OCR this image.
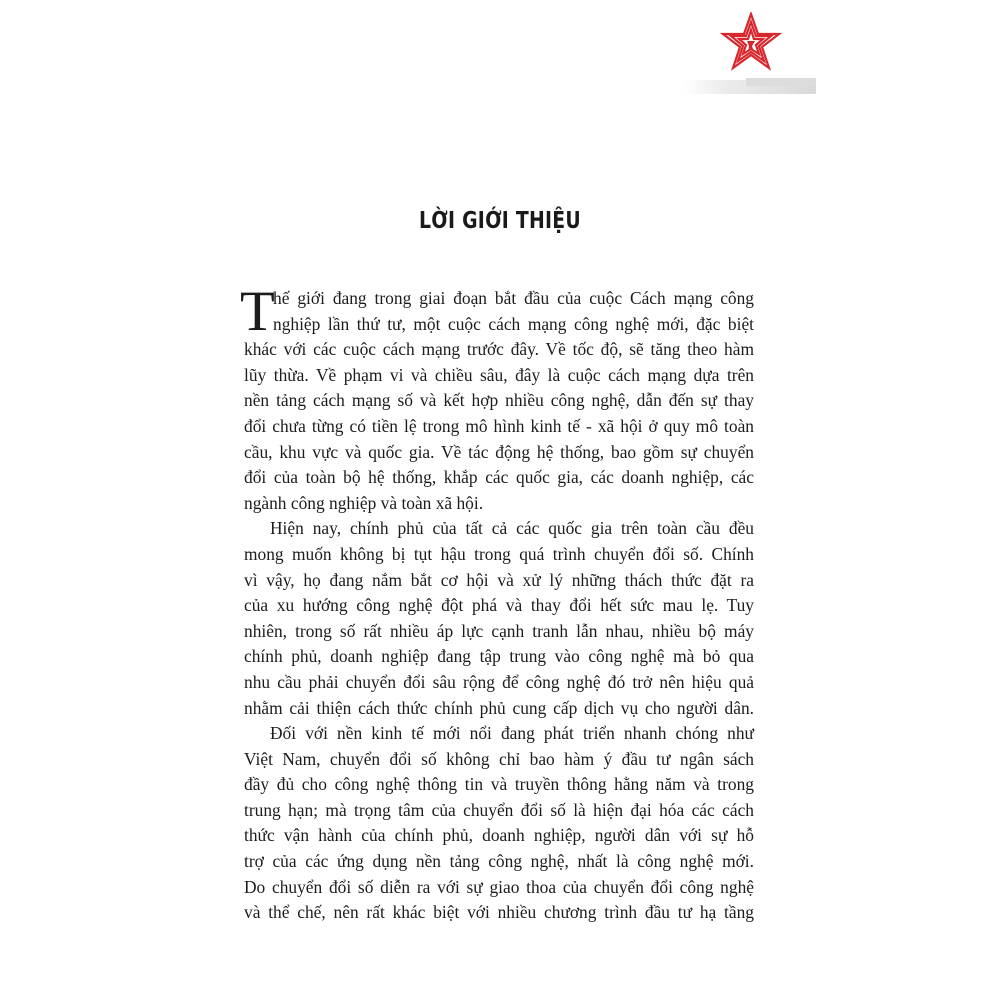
LỜI GIỚI THIỆU
T
hế giới đang trong giai đoạn bắt đầu của cuộc Cách mạng công
nghiệp lần thứ tư, một cuộc cách mạng công nghệ mới, đặc biệt
khác với các cuộc cách mạng trước đây. Về tốc độ, sẽ tăng theo hàm
lũy thừa. Về phạm vi và chiều sâu, đây là cuộc cách mạng dựa trên
nền tảng cách mạng số và kết hợp nhiều công nghệ, dẫn đến sự thay
đổi chưa từng có tiền lệ trong mô hình kinh tế - xã hội ở quy mô toàn
cầu, khu vực và quốc gia. Về tác động hệ thống, bao gồm sự chuyển
đổi của toàn bộ hệ thống, khắp các quốc gia, các doanh nghiệp, các
ngành công nghiệp và toàn xã hội.
Hiện nay, chính phủ của tất cả các quốc gia trên toàn cầu đều
mong muốn không bị tụt hậu trong quá trình chuyển đổi số. Chính
vì vậy, họ đang nắm bắt cơ hội và xử lý những thách thức đặt ra
của xu hướng công nghệ đột phá và thay đổi hết sức mau lẹ. Tuy
nhiên, trong số rất nhiều áp lực cạnh tranh lẫn nhau, nhiều bộ máy
chính phủ, doanh nghiệp đang tập trung vào công nghệ mà bỏ qua
nhu cầu phải chuyển đổi sâu rộng để công nghệ đó trở nên hiệu quả
nhằm cải thiện cách thức chính phủ cung cấp dịch vụ cho người dân.
Đối với nền kinh tế mới nổi đang phát triển nhanh chóng như
Việt Nam, chuyển đổi số không chỉ bao hàm ý đầu tư ngân sách
đầy đủ cho công nghệ thông tin và truyền thông hằng năm và trong
trung hạn; mà trọng tâm của chuyển đổi số là hiện đại hóa các cách
thức vận hành của chính phủ, doanh nghiệp, người dân với sự hỗ
trợ của các ứng dụng nền tảng công nghệ, nhất là công nghệ mới.
Do chuyển đổi số diễn ra với sự giao thoa của chuyển đổi công nghệ
và thể chế, nên rất khác biệt với nhiều chương trình đầu tư hạ tầng
